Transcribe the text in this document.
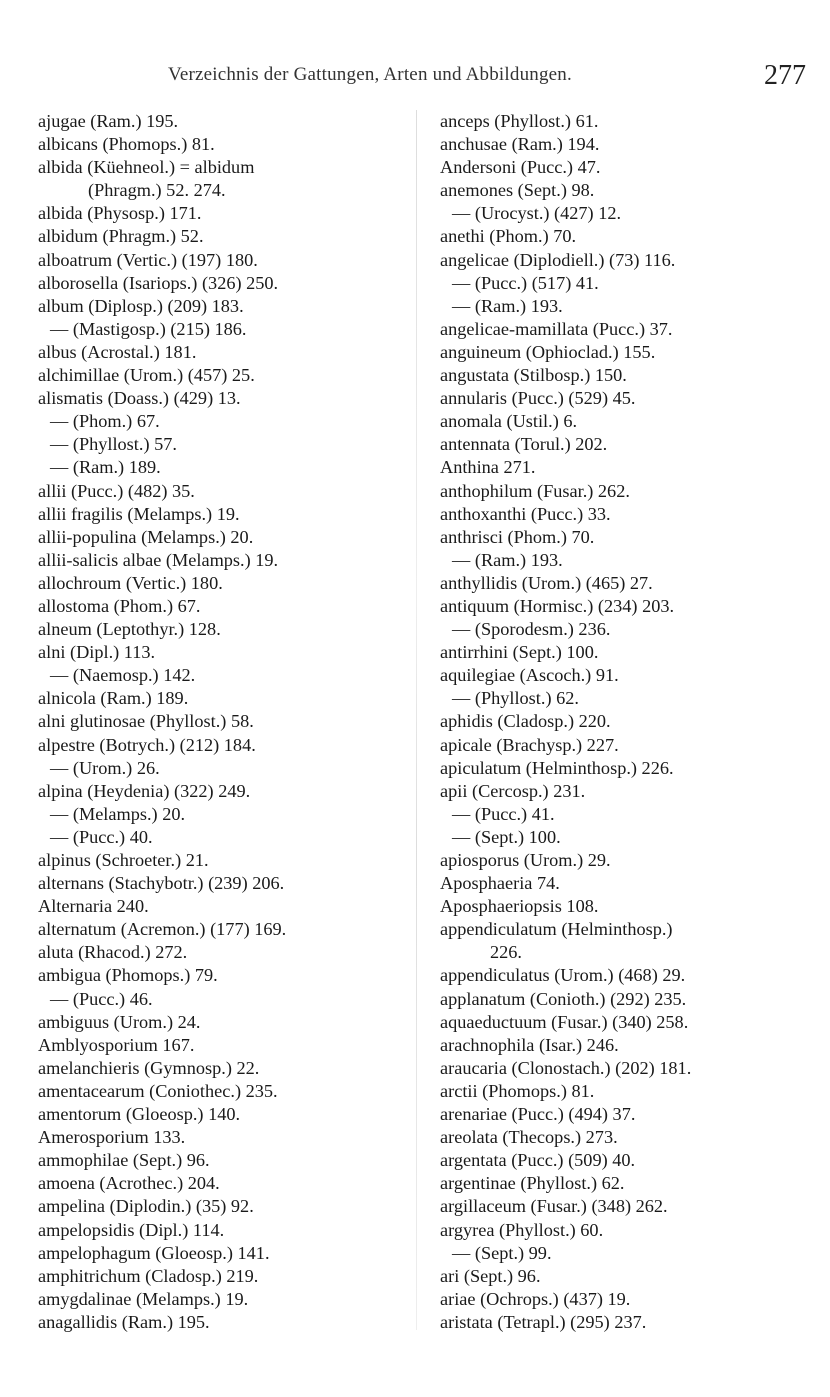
Verzeichnis der Gattungen, Arten und Abbildungen.	277
ajugae (Ram.) 195.
albicans (Phomops.) 81.
albida (Küehneol.) = albidum
(Phragm.) 52. 274.
albida (Physosp.) 171.
albidum (Phragm.) 52.
alboatrum (Vertic.) (197) 180.
alborosella (Isariops.) (326) 250.
album (Diplosp.) (209) 183.
— (Mastigosp.) (215) 186.
albus (Acrostal.) 181.
alchimillae (Urom.) (457) 25.
alismatis (Doass.) (429) 13.
— (Phom.) 67.
— (Phyllost.) 57.
— (Ram.) 189.
allii (Pucc.) (482) 35.
allii fragilis (Melamps.) 19.
allii-populina (Melamps.) 20.
allii-salicis albae (Melamps.) 19.
allochroum (Vertic.) 180.
allostoma (Phom.) 67.
alneum (Leptothyr.) 128.
alni (Dipl.) 113.
— (Naemosp.) 142.
alnicola (Ram.) 189.
alni glutinosae (Phyllost.) 58.
alpestre (Botrych.) (212) 184.
— (Urom.) 26.
alpina (Heydenia) (322) 249.
— (Melamps.) 20.
— (Pucc.) 40.
alpinus (Schroeter.) 21.
alternans (Stachybotr.) (239) 206.
Alternaria 240.
alternatum (Acremon.) (177) 169.
aluta (Rhacod.) 272.
ambigua (Phomops.) 79.
— (Pucc.) 46.
ambiguus (Urom.) 24.
Amblyosporium 167.
amelanchieris (Gymnosp.) 22.
amentacearum (Coniothec.) 235.
amentorum (Gloeosp.) 140.
Amerosporium 133.
ammophilae (Sept.) 96.
amoena (Acrothec.) 204.
ampelina (Diplodin.) (35) 92.
ampelopsidis (Dipl.) 114.
ampelophagum (Gloeosp.) 141.
amphitrichum (Cladosp.) 219.
amygdalinae (Melamps.) 19.
anagallidis (Ram.) 195.
anceps (Phyllost.) 61.
anchusae (Ram.) 194.
Andersoni (Pucc.) 47.
anemones (Sept.) 98.
— (Urocyst.) (427) 12.
anethi (Phom.) 70.
angelicae (Diplodiell.) (73) 116.
— (Pucc.) (517) 41.
— (Ram.) 193.
angelicae-mamillata (Pucc.) 37.
anguineum (Ophioclad.) 155.
angustata (Stilbosp.) 150.
annularis (Pucc.) (529) 45.
anomala (Ustil.) 6.
antennata (Torul.) 202.
Anthina 271.
anthophilum (Fusar.) 262.
anthoxanthi (Pucc.) 33.
anthrisci (Phom.) 70.
— (Ram.) 193.
anthyllidis (Urom.) (465) 27.
antiquum (Hormisc.) (234) 203.
— (Sporodesm.) 236.
antirrhini (Sept.) 100.
aquilegiae (Ascoch.) 91.
— (Phyllost.) 62.
aphidis (Cladosp.) 220.
apicale (Brachysp.) 227.
apiculatum (Helminthosp.) 226.
apii (Cercosp.) 231.
— (Pucc.) 41.
— (Sept.) 100.
apiosporus (Urom.) 29.
Aposphaeria 74.
Aposphaeriopsis 108.
appendiculatum (Helminthosp.)
226.
appendiculatus (Urom.) (468) 29.
applanatum (Conioth.) (292) 235.
aquaeductuum (Fusar.) (340) 258.
arachnophila (Isar.) 246.
araucaria (Clonostach.) (202) 181.
arctii (Phomops.) 81.
arenariae (Pucc.) (494) 37.
areolata (Thecops.) 273.
argentata (Pucc.) (509) 40.
argentinae (Phyllost.) 62.
argillaceum (Fusar.) (348) 262.
argyrea (Phyllost.) 60.
— (Sept.) 99.
ari (Sept.) 96.
ariae (Ochrops.) (437) 19.
aristata (Tetrapl.) (295) 237.
